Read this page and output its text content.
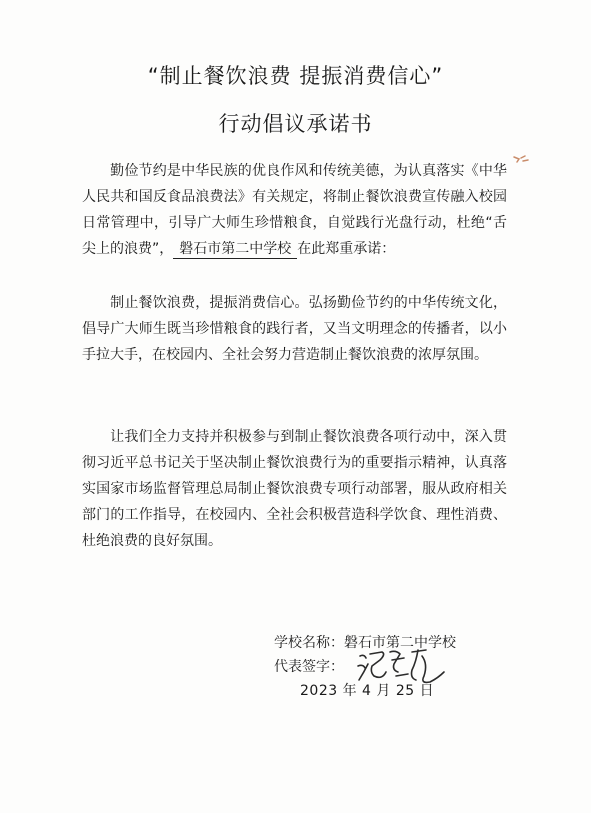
“制止餐饮浪费 提振消费信心”
行动倡议承诺书

勤俭节约是中华民族的优良作风和传统美德，为认真落实《中华人民共和国反食品浪费法》有关规定，将制止餐饮浪费宣传融入校园日常管理中，引导广大师生珍惜粮食，自觉践行光盘行动，杜绝“舌尖上的浪费”， 磐石市第二中学校 在此郑重承诺：

制止餐饮浪费，提振消费信心。弘扬勤俭节约的中华传统文化，倡导广大师生既当珍惜粮食的践行者，又当文明理念的传播者，以小手拉大手，在校园内、全社会努力营造制止餐饮浪费的浓厚氛围。

让我们全力支持并积极参与到制止餐饮浪费各项行动中，深入贯彻习近平总书记关于坚决制止餐饮浪费行为的重要指示精神，认真落实国家市场监督管理总局制止餐饮浪费专项行动部署，服从政府相关部门的工作指导，在校园内、全社会积极营造科学饮食、理性消费、杜绝浪费的良好氛围。

学校名称：磐石市第二中学校
代表签字：
2023 年 4 月 25 日
